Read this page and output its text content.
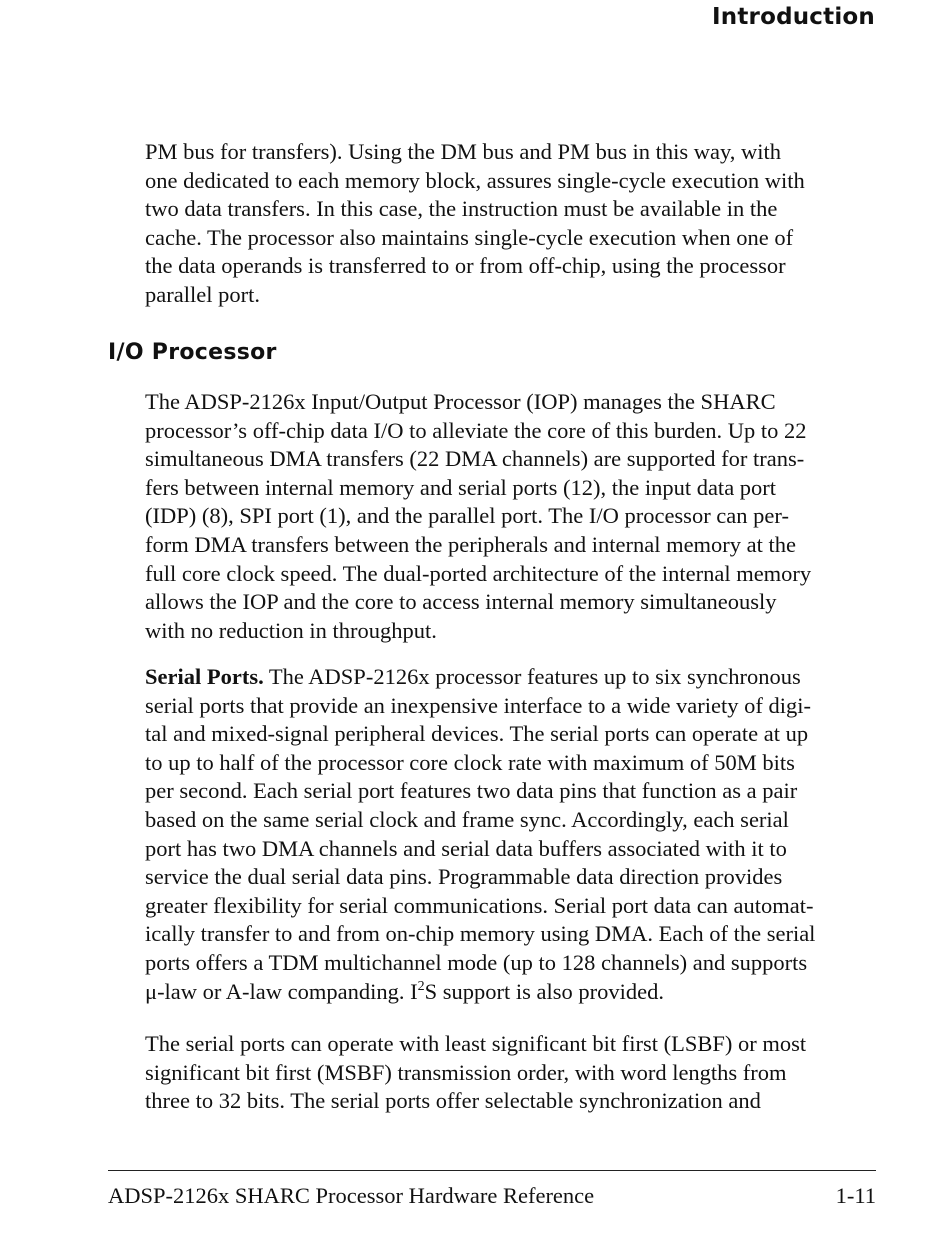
Introduction

PM bus for transfers). Using the DM bus and PM bus in this way, with
one dedicated to each memory block, assures single-cycle execution with
two data transfers. In this case, the instruction must be available in the
cache. The processor also maintains single-cycle execution when one of
the data operands is transferred to or from off-chip, using the processor
parallel port.

I/O Processor

The ADSP-2126x Input/Output Processor (IOP) manages the SHARC
processor’s off-chip data I/O to alleviate the core of this burden. Up to 22
simultaneous DMA transfers (22 DMA channels) are supported for trans-
fers between internal memory and serial ports (12), the input data port
(IDP) (8), SPI port (1), and the parallel port. The I/O processor can per-
form DMA transfers between the peripherals and internal memory at the
full core clock speed. The dual-ported architecture of the internal memory
allows the IOP and the core to access internal memory simultaneously
with no reduction in throughput.

Serial Ports. The ADSP-2126x processor features up to six synchronous
serial ports that provide an inexpensive interface to a wide variety of digi-
tal and mixed-signal peripheral devices. The serial ports can operate at up
to up to half of the processor core clock rate with maximum of 50M bits
per second. Each serial port features two data pins that function as a pair
based on the same serial clock and frame sync. Accordingly, each serial
port has two DMA channels and serial data buffers associated with it to
service the dual serial data pins. Programmable data direction provides
greater flexibility for serial communications. Serial port data can automat-
ically transfer to and from on-chip memory using DMA. Each of the serial
ports offers a TDM multichannel mode (up to 128 channels) and supports
μ-law or A-law companding. $I^2S$ support is also provided.

The serial ports can operate with least significant bit first (LSBF) or most
significant bit first (MSBF) transmission order, with word lengths from
three to 32 bits. The serial ports offer selectable synchronization and

ADSP-2126x SHARC Processor Hardware Reference	1-11
